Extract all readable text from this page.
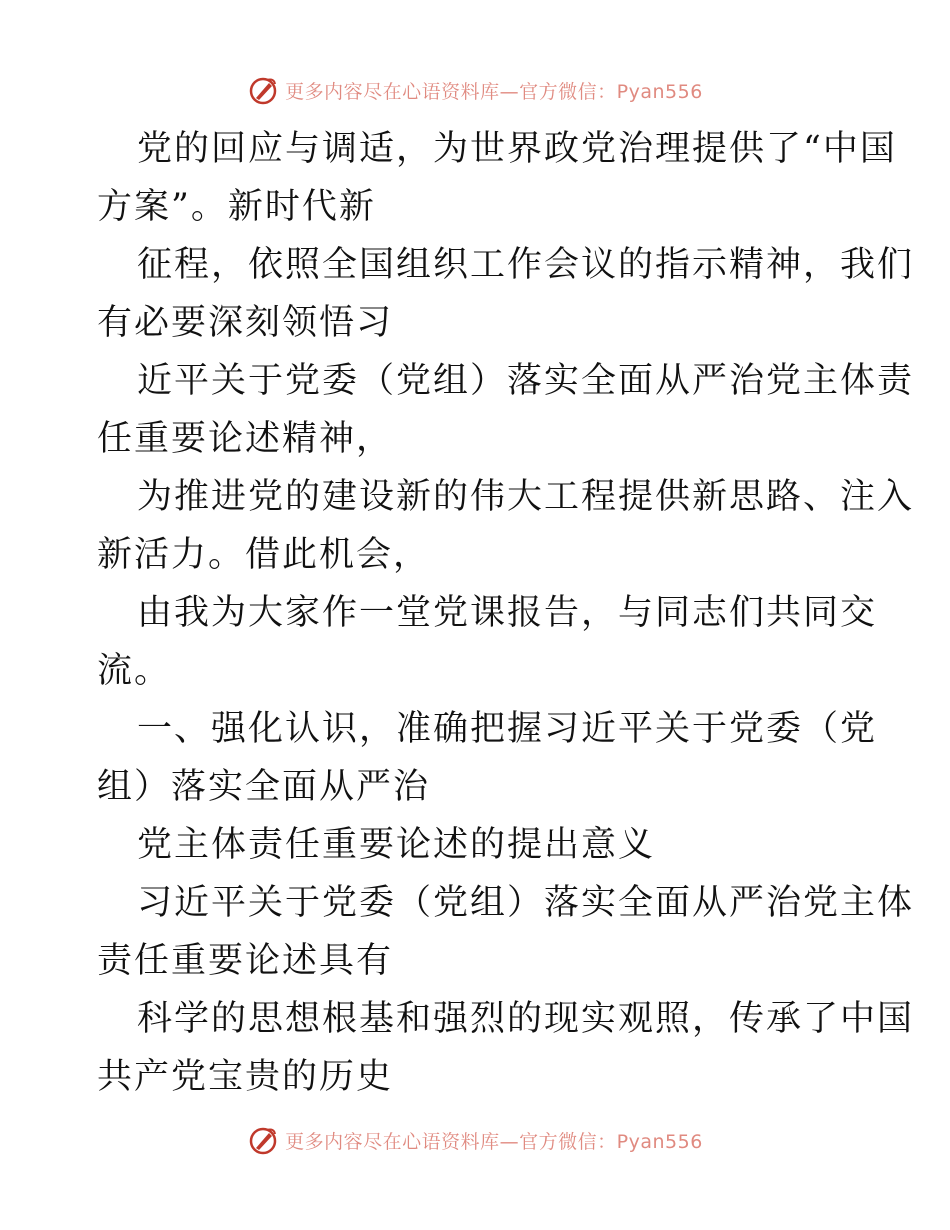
更多内容尽在心语资料库—官方微信：Pyan556
党的回应与调适，为世界政党治理提供了“中国
方案”。新时代新
征程，依照全国组织工作会议的指示精神，我们
有必要深刻领悟习
近平关于党委（党组）落实全面从严治党主体责
任重要论述精神，
为推进党的建设新的伟大工程提供新思路、注入
新活力。借此机会，
由我为大家作一堂党课报告，与同志们共同交
流。
一、强化认识，准确把握习近平关于党委（党
组）落实全面从严治
党主体责任重要论述的提出意义
习近平关于党委（党组）落实全面从严治党主体
责任重要论述具有
科学的思想根基和强烈的现实观照，传承了中国
共产党宝贵的历史
更多内容尽在心语资料库—官方微信：Pyan556
